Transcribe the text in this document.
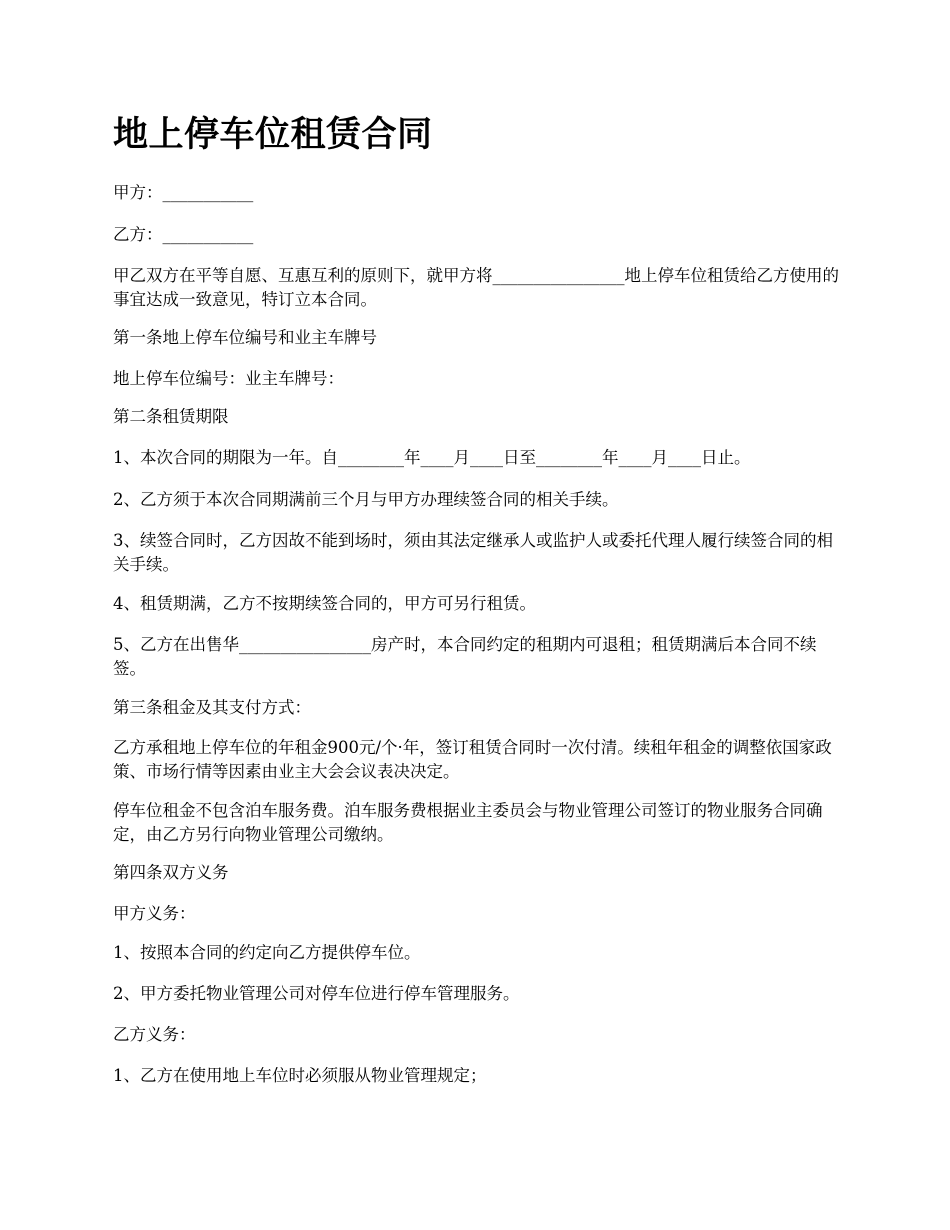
地上停车位租赁合同

甲方：___________

乙方：___________

甲乙双方在平等自愿、互惠互利的原则下，就甲方将________________地上停车位租赁给乙方使用的事宜达成一致意见，特订立本合同。

第一条地上停车位编号和业主车牌号

地上停车位编号：业主车牌号：

第二条租赁期限

1、本次合同的期限为一年。自________年____月____日至________年____月____日止。

2、乙方须于本次合同期满前三个月与甲方办理续签合同的相关手续。

3、续签合同时，乙方因故不能到场时，须由其法定继承人或监护人或委托代理人履行续签合同的相关手续。

4、租赁期满，乙方不按期续签合同的，甲方可另行租赁。

5、乙方在出售华________________房产时，本合同约定的租期内可退租；租赁期满后本合同不续签。

第三条租金及其支付方式：

乙方承租地上停车位的年租金900元/个·年，签订租赁合同时一次付清。续租年租金的调整依国家政策、市场行情等因素由业主大会会议表决决定。

停车位租金不包含泊车服务费。泊车服务费根据业主委员会与物业管理公司签订的物业服务合同确定，由乙方另行向物业管理公司缴纳。

第四条双方义务

甲方义务：

1、按照本合同的约定向乙方提供停车位。

2、甲方委托物业管理公司对停车位进行停车管理服务。

乙方义务：

1、乙方在使用地上车位时必须服从物业管理规定；
